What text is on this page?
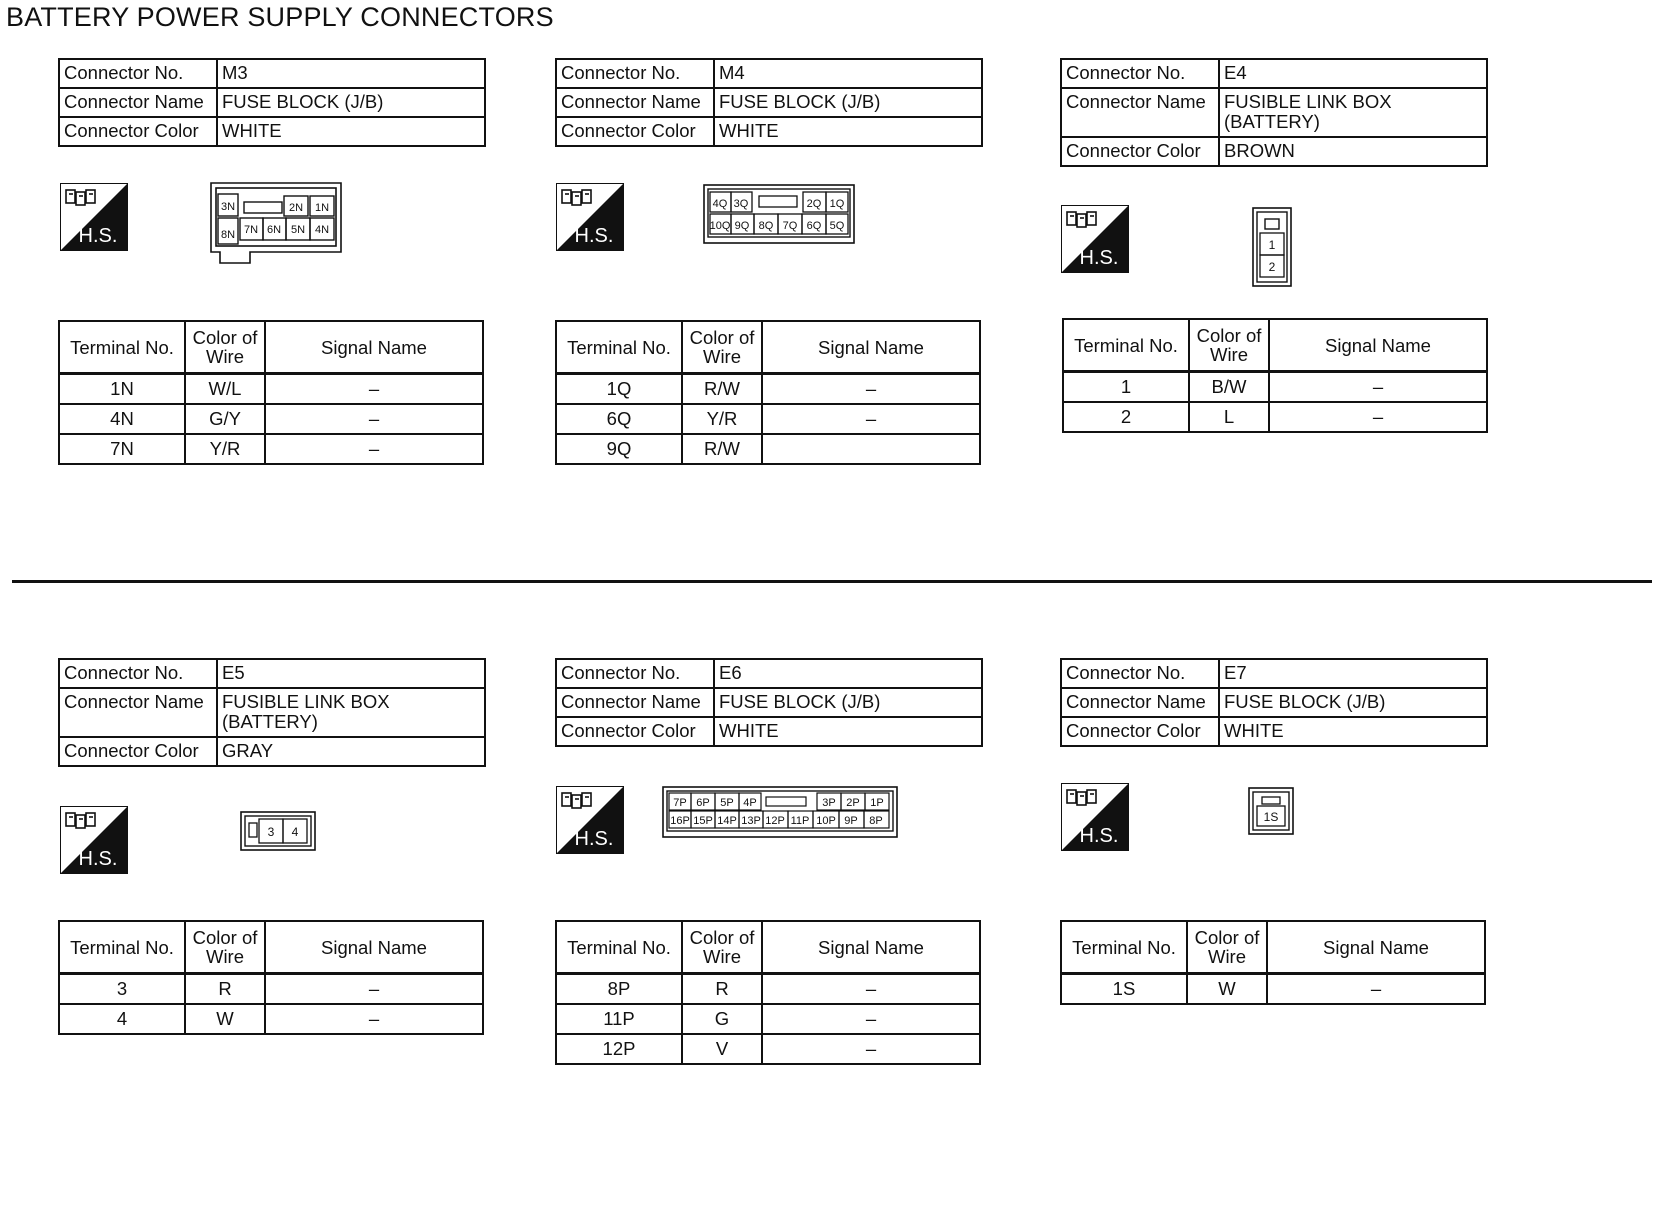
BATTERY POWER SUPPLY CONNECTORS
Connector No.	M3
Connector Name	FUSE BLOCK (J/B)
Connector Color	WHITE
H.S.
3N	2N 1N
8N 7N 6N 5N 4N
Terminal No.	Color of Wire	Signal Name
1N	W/L	–
4N	G/Y	–
7N	Y/R	–
Connector No.	M4
Connector Name	FUSE BLOCK (J/B)
Connector Color	WHITE
H.S.
4Q 3Q	2Q 1Q
10Q 9Q 8Q 7Q 6Q 5Q
Terminal No.	Color of Wire	Signal Name
1Q	R/W	–
6Q	Y/R	–
9Q	R/W	
Connector No.	E4
Connector Name	FUSIBLE LINK BOX (BATTERY)
Connector Color	BROWN
H.S.
1
2
Terminal No.	Color of Wire	Signal Name
1	B/W	–
2	L	–
Connector No.	E5
Connector Name	FUSIBLE LINK BOX (BATTERY)
Connector Color	GRAY
H.S.
3 4
Terminal No.	Color of Wire	Signal Name
3	R	–
4	W	–
Connector No.	E6
Connector Name	FUSE BLOCK (J/B)
Connector Color	WHITE
H.S.
7P 6P 5P 4P	3P 2P 1P
16P 15P 14P 13P 12P 11P 10P 9P 8P
Terminal No.	Color of Wire	Signal Name
8P	R	–
11P	G	–
12P	V	–
Connector No.	E7
Connector Name	FUSE BLOCK (J/B)
Connector Color	WHITE
H.S.
1S
Terminal No.	Color of Wire	Signal Name
1S	W	–
